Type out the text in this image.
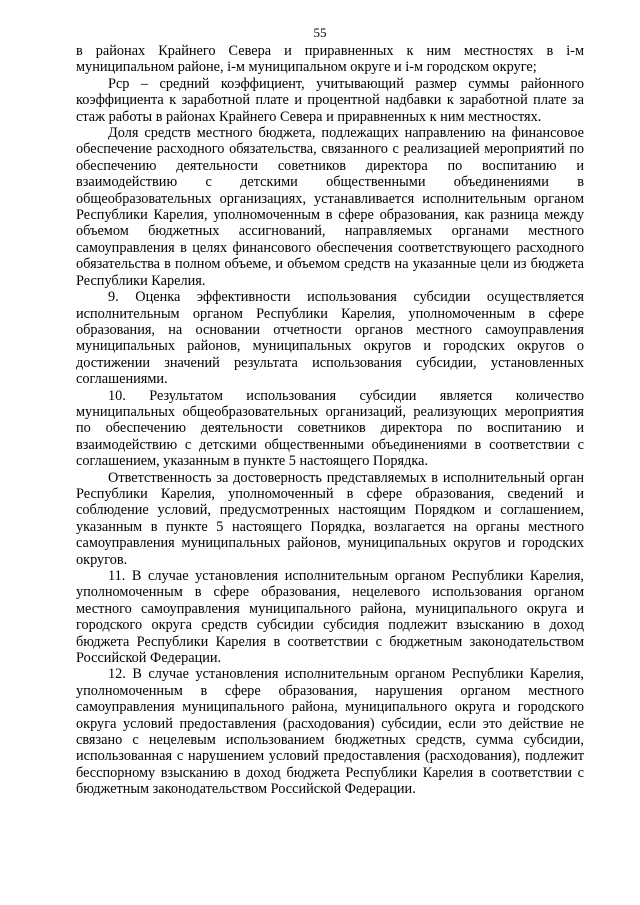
55

в районах Крайнего Севера и приравненных к ним местностях в i-м муниципальном районе, i-м муниципальном округе и i-м городском округе;

Pср – средний коэффициент, учитывающий размер суммы районного коэффициента к заработной плате и процентной надбавки к заработной плате за стаж работы в районах Крайнего Севера и приравненных к ним местностях.

Доля средств местного бюджета, подлежащих направлению на финансовое обеспечение расходного обязательства, связанного с реализацией мероприятий по обеспечению деятельности советников директора по воспитанию и взаимодействию с детскими общественными объединениями в общеобразовательных организациях, устанавливается исполнительным органом Республики Карелия, уполномоченным в сфере образования, как разница между объемом бюджетных ассигнований, направляемых органами местного самоуправления в целях финансового обеспечения соответствующего расходного обязательства в полном объеме, и объемом средств на указанные цели из бюджета Республики Карелия.

9. Оценка эффективности использования субсидии осуществляется исполнительным органом Республики Карелия, уполномоченным в сфере образования, на основании отчетности органов местного самоуправления муниципальных районов, муниципальных округов и городских округов о достижении значений результата использования субсидии, установленных соглашениями.

10. Результатом использования субсидии является количество муниципальных общеобразовательных организаций, реализующих мероприятия по обеспечению деятельности советников директора по воспитанию и взаимодействию с детскими общественными объединениями в соответствии с соглашением, указанным в пункте 5 настоящего Порядка.

Ответственность за достоверность представляемых в исполнительный орган Республики Карелия, уполномоченный в сфере образования, сведений и соблюдение условий, предусмотренных настоящим Порядком и соглашением, указанным в пункте 5 настоящего Порядка, возлагается на органы местного самоуправления муниципальных районов, муниципальных округов и городских округов.

11. В случае установления исполнительным органом Республики Карелия, уполномоченным в сфере образования, нецелевого использования органом местного самоуправления муниципального района, муниципального округа и городского округа средств субсидии субсидия подлежит взысканию в доход бюджета Республики Карелия в соответствии с бюджетным законодательством Российской Федерации.

12. В случае установления исполнительным органом Республики Карелия, уполномоченным в сфере образования, нарушения органом местного самоуправления муниципального района, муниципального округа и городского округа условий предоставления (расходования) субсидии, если это действие не связано с нецелевым использованием бюджетных средств, сумма субсидии, использованная с нарушением условий предоставления (расходования), подлежит бесспорному взысканию в доход бюджета Республики Карелия в соответствии с бюджетным законодательством Российской Федерации.
